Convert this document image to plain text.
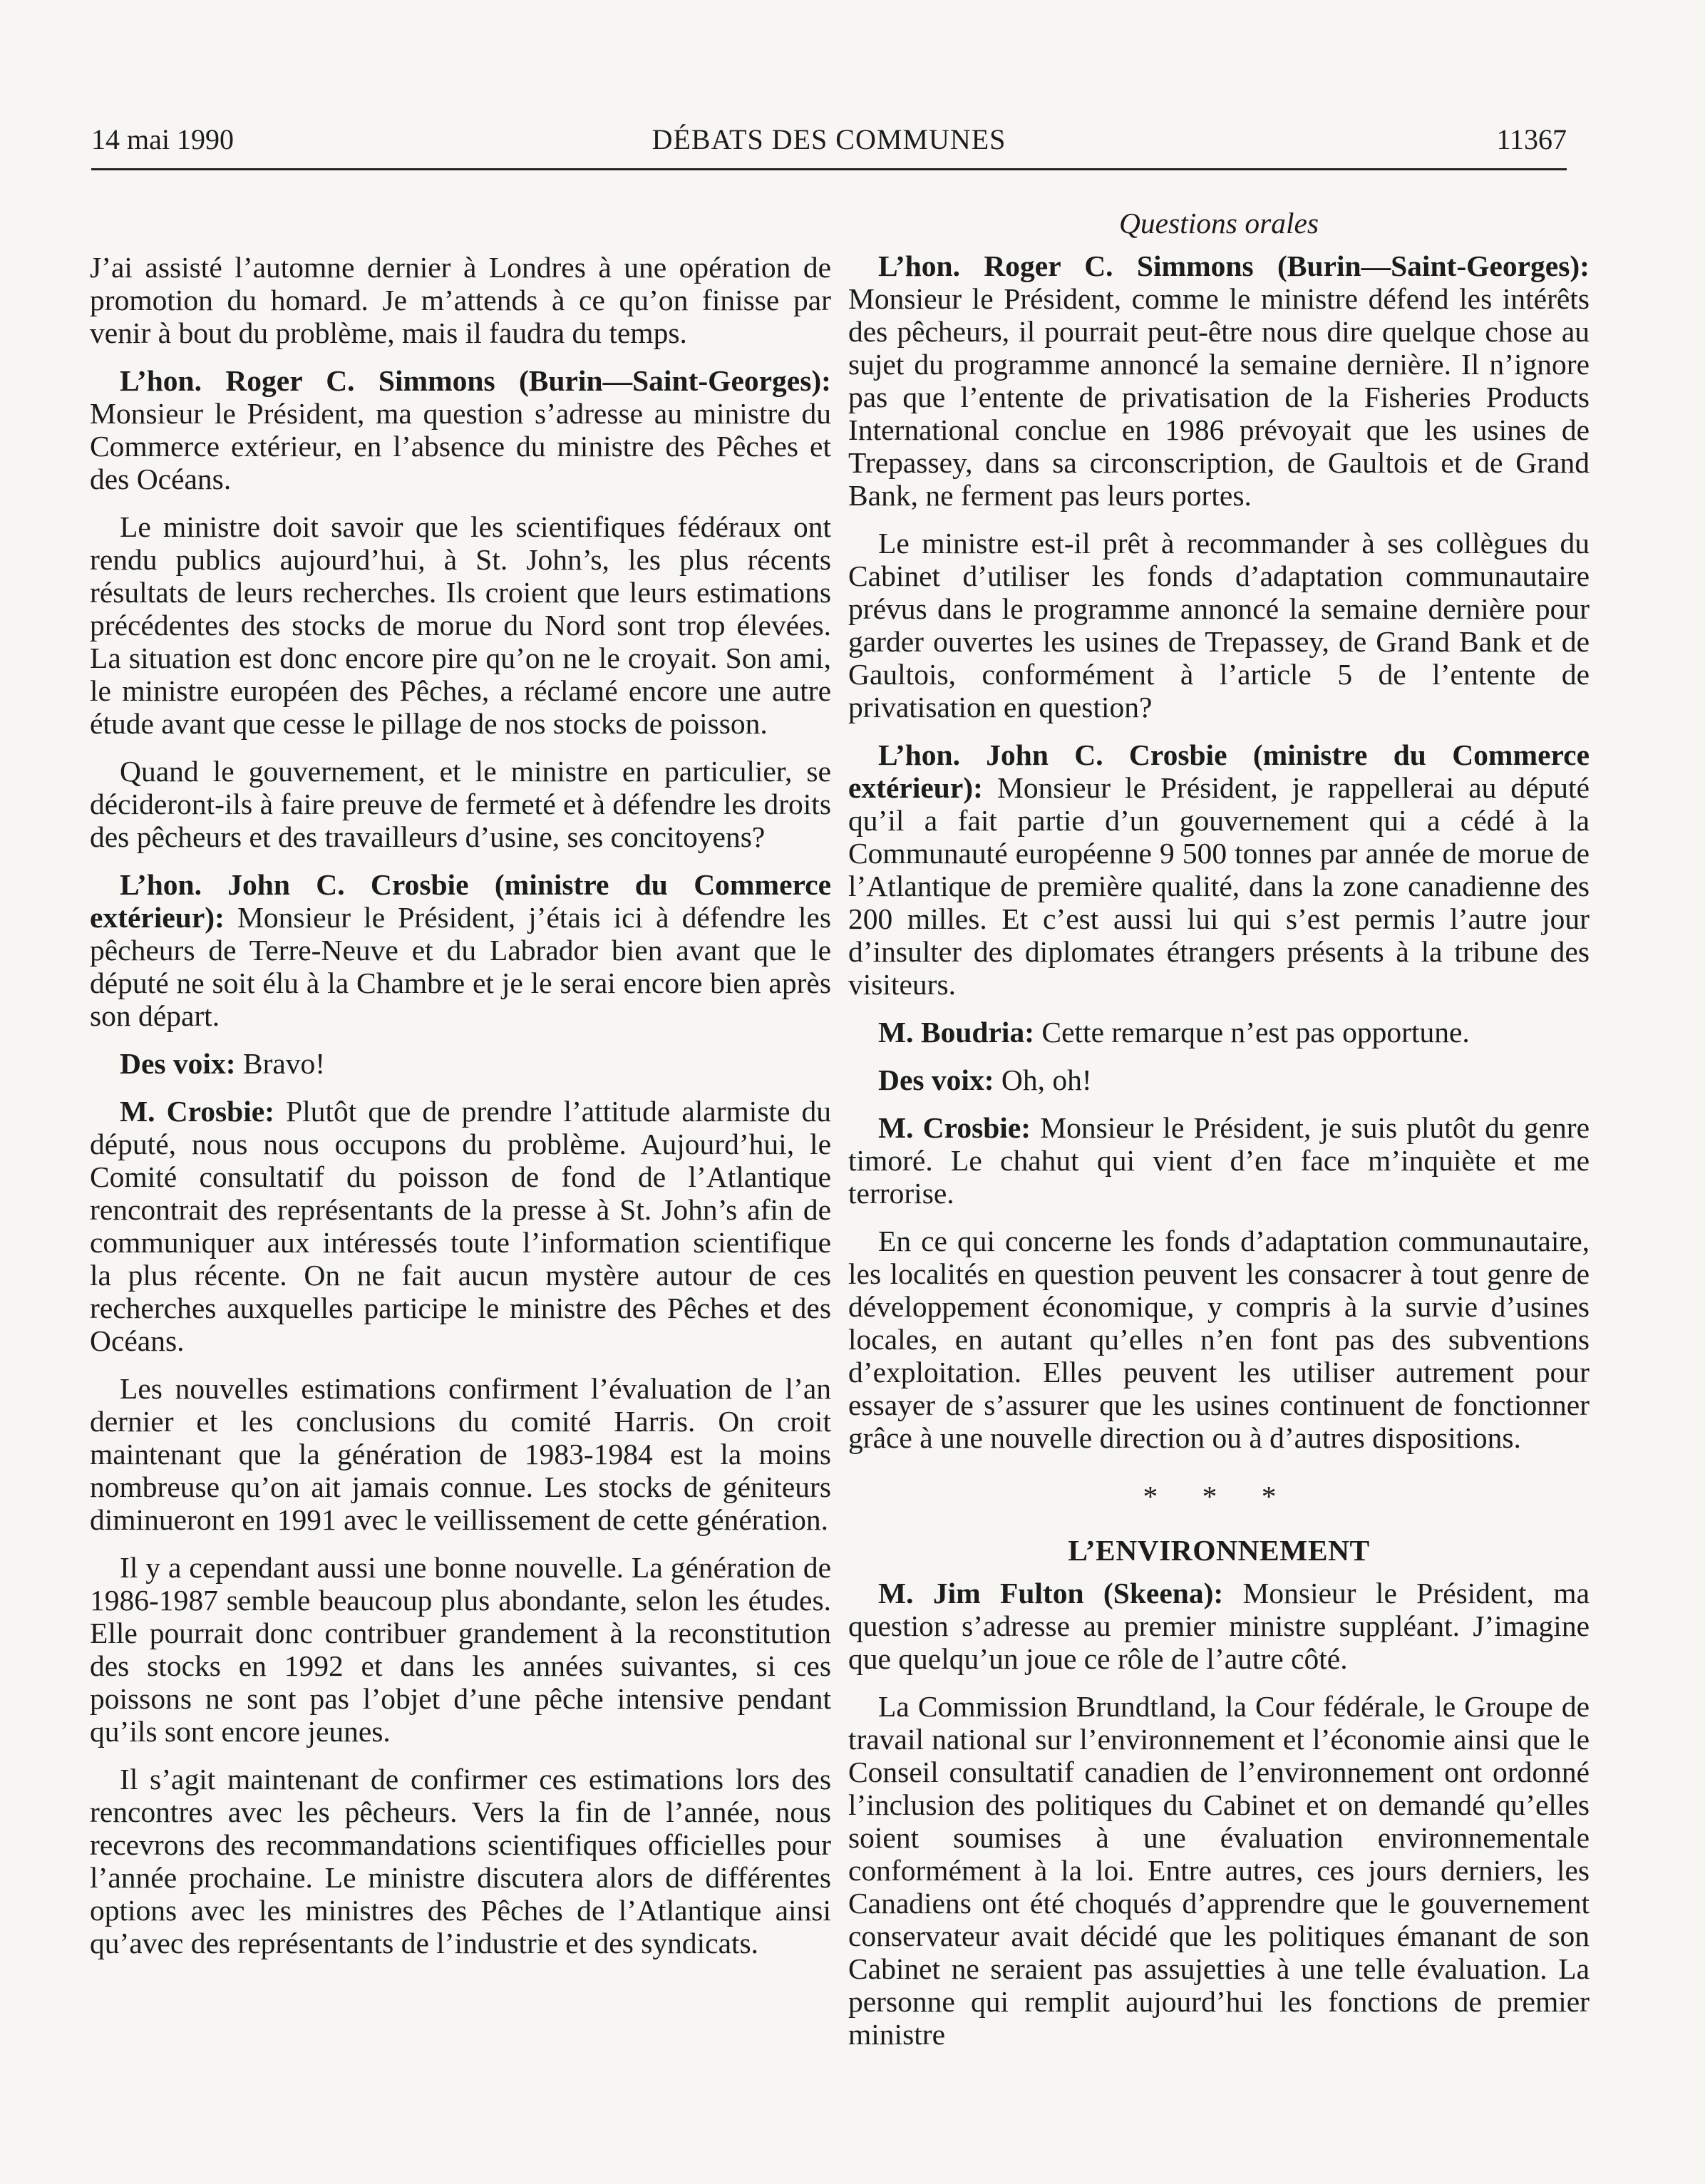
14 mai 1990	DÉBATS DES COMMUNES	11367

J’ai assisté l’automne dernier à Londres à une opération de promotion du homard. Je m’attends à ce qu’on finisse par venir à bout du problème, mais il faudra du temps.

L’hon. Roger C. Simmons (Burin—Saint-Georges): Monsieur le Président, ma question s’adresse au ministre du Commerce extérieur, en l’absence du ministre des Pêches et des Océans.

Le ministre doit savoir que les scientifiques fédéraux ont rendu publics aujourd’hui, à St. John’s, les plus récents résultats de leurs recherches. Ils croient que leurs estimations précédentes des stocks de morue du Nord sont trop élevées. La situation est donc encore pire qu’on ne le croyait. Son ami, le ministre européen des Pêches, a réclamé encore une autre étude avant que cesse le pillage de nos stocks de poisson.

Quand le gouvernement, et le ministre en particulier, se décideront-ils à faire preuve de fermeté et à défendre les droits des pêcheurs et des travailleurs d’usine, ses concitoyens?

L’hon. John C. Crosbie (ministre du Commerce extérieur): Monsieur le Président, j’étais ici à défendre les pêcheurs de Terre-Neuve et du Labrador bien avant que le député ne soit élu à la Chambre et je le serai encore bien après son départ.

Des voix: Bravo!

M. Crosbie: Plutôt que de prendre l’attitude alarmiste du député, nous nous occupons du problème. Aujourd’hui, le Comité consultatif du poisson de fond de l’Atlantique rencontrait des représentants de la presse à St. John’s afin de communiquer aux intéressés toute l’information scientifique la plus récente. On ne fait aucun mystère autour de ces recherches auxquelles participe le ministre des Pêches et des Océans.

Les nouvelles estimations confirment l’évaluation de l’an dernier et les conclusions du comité Harris. On croit maintenant que la génération de 1983-1984 est la moins nombreuse qu’on ait jamais connue. Les stocks de géniteurs diminueront en 1991 avec le veillissement de cette génération.

Il y a cependant aussi une bonne nouvelle. La génération de 1986-1987 semble beaucoup plus abondante, selon les études. Elle pourrait donc contribuer grandement à la reconstitution des stocks en 1992 et dans les années suivantes, si ces poissons ne sont pas l’objet d’une pêche intensive pendant qu’ils sont encore jeunes.

Il s’agit maintenant de confirmer ces estimations lors des rencontres avec les pêcheurs. Vers la fin de l’année, nous recevrons des recommandations scientifiques officielles pour l’année prochaine. Le ministre discutera alors de différentes options avec les ministres des Pêches de l’Atlantique ainsi qu’avec des représentants de l’industrie et des syndicats.

Questions orales

L’hon. Roger C. Simmons (Burin—Saint-Georges): Monsieur le Président, comme le ministre défend les intérêts des pêcheurs, il pourrait peut-être nous dire quelque chose au sujet du programme annoncé la semaine dernière. Il n’ignore pas que l’entente de privatisation de la Fisheries Products International conclue en 1986 prévoyait que les usines de Trepassey, dans sa circonscription, de Gaultois et de Grand Bank, ne ferment pas leurs portes.

Le ministre est-il prêt à recommander à ses collègues du Cabinet d’utiliser les fonds d’adaptation communautaire prévus dans le programme annoncé la semaine dernière pour garder ouvertes les usines de Trepassey, de Grand Bank et de Gaultois, conformément à l’article 5 de l’entente de privatisation en question?

L’hon. John C. Crosbie (ministre du Commerce extérieur): Monsieur le Président, je rappellerai au député qu’il a fait partie d’un gouvernement qui a cédé à la Communauté européenne 9 500 tonnes par année de morue de l’Atlantique de première qualité, dans la zone canadienne des 200 milles. Et c’est aussi lui qui s’est permis l’autre jour d’insulter des diplomates étrangers présents à la tribune des visiteurs.

M. Boudria: Cette remarque n’est pas opportune.

Des voix: Oh, oh!

M. Crosbie: Monsieur le Président, je suis plutôt du genre timoré. Le chahut qui vient d’en face m’inquiète et me terrorise.

En ce qui concerne les fonds d’adaptation communautaire, les localités en question peuvent les consacrer à tout genre de développement économique, y compris à la survie d’usines locales, en autant qu’elles n’en font pas des subventions d’exploitation. Elles peuvent les utiliser autrement pour essayer de s’assurer que les usines continuent de fonctionner grâce à une nouvelle direction ou à d’autres dispositions.

* * *
L’ENVIRONNEMENT

M. Jim Fulton (Skeena): Monsieur le Président, ma question s’adresse au premier ministre suppléant. J’imagine que quelqu’un joue ce rôle de l’autre côté.

La Commission Brundtland, la Cour fédérale, le Groupe de travail national sur l’environnement et l’économie ainsi que le Conseil consultatif canadien de l’environnement ont ordonné l’inclusion des politiques du Cabinet et on demandé qu’elles soient soumises à une évaluation environnementale conformément à la loi. Entre autres, ces jours derniers, les Canadiens ont été choqués d’apprendre que le gouvernement conservateur avait décidé que les politiques émanant de son Cabinet ne seraient pas assujetties à une telle évaluation. La personne qui remplit aujourd’hui les fonctions de premier ministre
